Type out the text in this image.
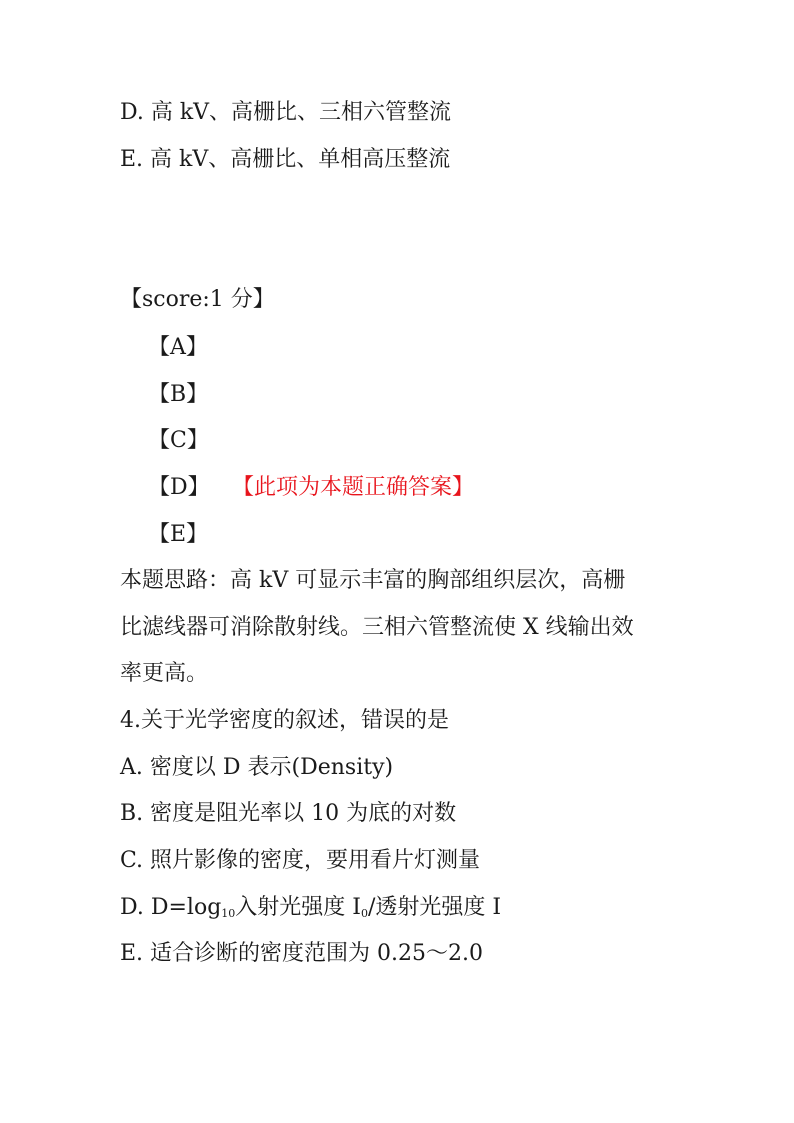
D. 高 kV、高栅比、三相六管整流
E. 高 kV、高栅比、单相高压整流
【score:1 分】
【A】
【B】
【C】
【D】 【此项为本题正确答案】
【E】
本题思路：高 kV 可显示丰富的胸部组织层次，高栅
比滤线器可消除散射线。三相六管整流使 X 线输出效
率更高。
4.关于光学密度的叙述，错误的是
A. 密度以 D 表示(Density)
B. 密度是阻光率以 10 为底的对数
C. 照片影像的密度，要用看片灯测量
D. $D=\log_{10}$入射光强度 $I_0/$透射光强度 I
E. 适合诊断的密度范围为 0.25～2.0
